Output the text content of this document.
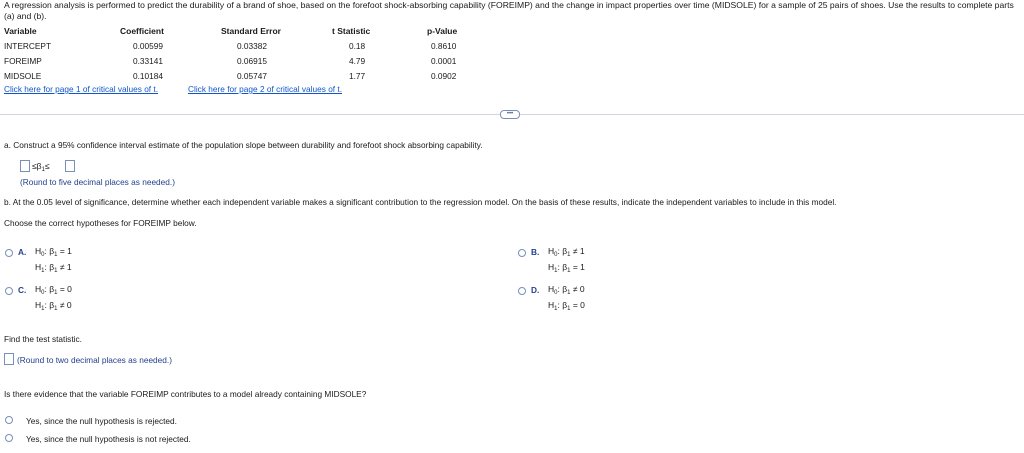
A regression analysis is performed to predict the durability of a brand of shoe, based on the forefoot shock-absorbing capability (FOREIMP) and the change in impact properties over time (MIDSOLE) for a sample of 25 pairs of shoes. Use the results to complete parts (a) and (b).
Variable	Coefficient	Standard Error	t Statistic	p-Value
INTERCEPT	0.00599	0.03382	0.18	0.8610
FOREIMP	0.33141	0.06915	4.79	0.0001
MIDSOLE	0.10184	0.05747	1.77	0.0902
Click here for page 1 of critical values of t.	Click here for page 2 of critical values of t.
•••
a. Construct a 95% confidence interval estimate of the population slope between durability and forefoot shock absorbing capability.
$\le\beta_1\le$
(Round to five decimal places as needed.)
b. At the 0.05 level of significance, determine whether each independent variable makes a significant contribution to the regression model. On the basis of these results, indicate the independent variables to include in this model.
Choose the correct hypotheses for FOREIMP below.
A. $H_0$: $\beta_1 = 1$
$H_1$: $\beta_1 \ne 1$
B. $H_0$: $\beta_1 \ne 1$
$H_1$: $\beta_1 = 1$
C. $H_0$: $\beta_1 = 0$
$H_1$: $\beta_1 \ne 0$
D. $H_0$: $\beta_1 \ne 0$
$H_1$: $\beta_1 = 0$
Find the test statistic.
(Round to two decimal places as needed.)
Is there evidence that the variable FOREIMP contributes to a model already containing MIDSOLE?
Yes, since the null hypothesis is rejected.
Yes, since the null hypothesis is not rejected.
